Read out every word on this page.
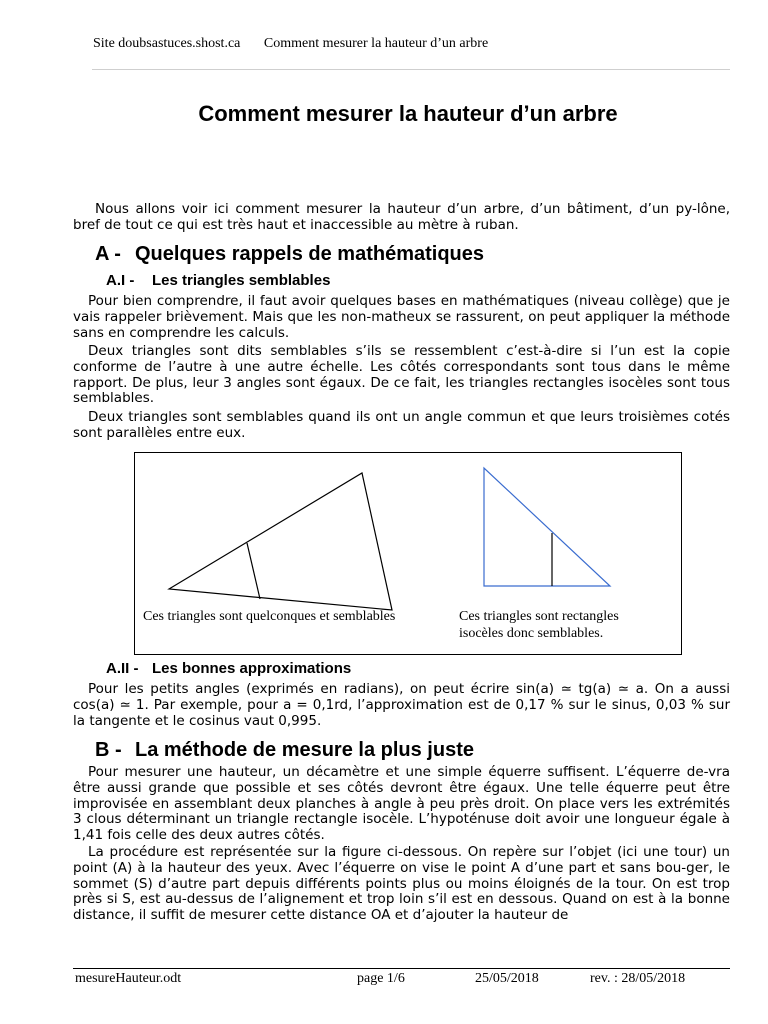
Site doubsastuces.shost.ca Comment mesurer la hauteur d’un arbre
Comment mesurer la hauteur d’un arbre
Nous allons voir ici comment mesurer la hauteur d’un arbre, d’un bâtiment, d’un py-lône, bref de tout ce qui est très haut et inaccessible au mètre à ruban.
A - Quelques rappels de mathématiques
A.I - Les triangles semblables
Pour bien comprendre, il faut avoir quelques bases en mathématiques (niveau collège) que je vais rappeler brièvement. Mais que les non-matheux se rassurent, on peut appliquer la méthode sans en comprendre les calculs.
Deux triangles sont dits semblables s’ils se ressemblent c’est-à-dire si l’un est la copie conforme de l’autre à une autre échelle. Les côtés correspondants sont tous dans le même rapport. De plus, leur 3 angles sont égaux. De ce fait, les triangles rectangles isocèles sont tous semblables.
Deux triangles sont semblables quand ils ont un angle commun et que leurs troisièmes cotés sont parallèles entre eux.
Ces triangles sont quelconques et semblables	Ces triangles sont rectangles
isocèles donc semblables.
A.II - Les bonnes approximations
Pour les petits angles (exprimés en radians), on peut écrire sin(a) ≃ tg(a) ≃ a. On a aussi cos(a) ≃ 1. Par exemple, pour a = 0,1rd, l’approximation est de 0,17 % sur le sinus, 0,03 % sur la tangente et le cosinus vaut 0,995.
B - La méthode de mesure la plus juste
Pour mesurer une hauteur, un décamètre et une simple équerre suffisent. L’équerre de-vra être aussi grande que possible et ses côtés devront être égaux. Une telle équerre peut être improvisée en assemblant deux planches à angle à peu près droit. On place vers les extrémités 3 clous déterminant un triangle rectangle isocèle. L’hypoténuse doit avoir une longueur égale à 1,41 fois celle des deux autres côtés.
La procédure est représentée sur la figure ci-dessous. On repère sur l’objet (ici une tour) un point (A) à la hauteur des yeux. Avec l’équerre on vise le point A d’une part et sans bou-ger, le sommet (S) d’autre part depuis différents points plus ou moins éloignés de la tour. On est trop près si S, est au-dessus de l’alignement et trop loin s’il est en dessous. Quand on est à la bonne distance, il suffit de mesurer cette distance OA et d’ajouter la hauteur de
mesureHauteur.odt	page 1/6	25/05/2018	rev. : 28/05/2018
